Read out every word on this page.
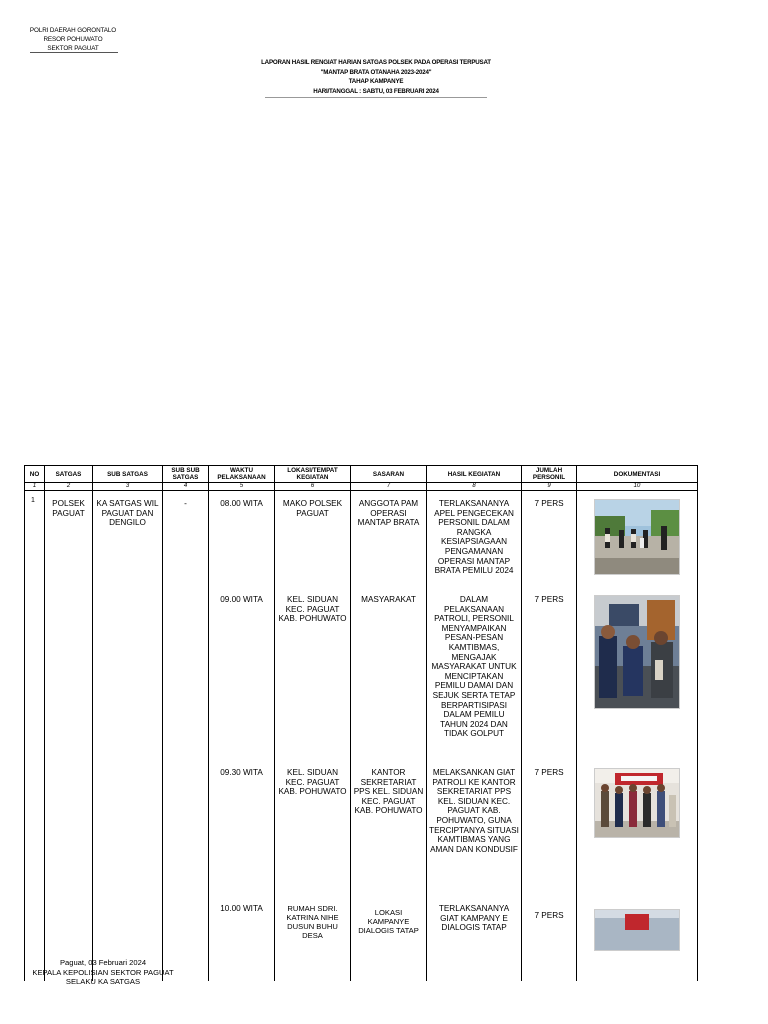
POLRI DAERAH GORONTALO
RESOR POHUWATO
SEKTOR PAGUAT
LAPORAN HASIL RENGIAT HARIAN SATGAS POLSEK PADA OPERASI TERPUSAT
"MANTAP BRATA OTANAHA 2023-2024"
TAHAP KAMPANYE
HARI/TANGGAL : SABTU, 03 FEBRUARI 2024
NO	SATGAS	SUB SATGAS	SUB SUB SATGAS	WAKTU PELAKSANAAN	LOKASI/TEMPAT KEGIATAN	SASARAN	HASIL KEGIATAN	JUMLAH PERSONIL	DOKUMENTASI
1	2	3	4	5	6	7	8	9	10

1	POLSEK PAGUAT	KA SATGAS WIL PAGUAT DAN DENGILO	-	08.00 WITA	MAKO POLSEK PAGUAT	ANGGOTA PAM OPERASI MANTAP BRATA	TERLAKSANANYA APEL PENGECEKAN PERSONIL DALAM RANGKA KESIAPSIAGAAN PENGAMANAN OPERASI MANTAP BRATA PEMILU 2024	7 PERS

				09.00 WITA	KEL. SIDUAN KEC. PAGUAT KAB. POHUWATO	MASYARAKAT	DALAM PELAKSANAAN PATROLI, PERSONIL MENYAMPAIKAN PESAN-PESAN KAMTIBMAS, MENGAJAK MASYARAKAT UNTUK MENCIPTAKAN PEMILU DAMAI DAN SEJUK SERTA TETAP BERPARTISIPASI DALAM PEMILU TAHUN 2024 DAN TIDAK GOLPUT	7 PERS

				09.30 WITA	KEL. SIDUAN KEC. PAGUAT KAB. POHUWATO	KANTOR SEKRETARIAT PPS KEL. SIDUAN KEC. PAGUAT KAB. POHUWATO	MELAKSANKAN GIAT PATROLI KE KANTOR SEKRETARIAT PPS KEL. SIDUAN KEC. PAGUAT KAB. POHUWATO, GUNA TERCIPTANYA SITUASI KAMTIBMAS YANG AMAN DAN KONDUSIF	7 PERS

				10.00 WITA	RUMAH SDRI. KATRINA NIHE DUSUN BUHU DESA	LOKASI KAMPANYE DIALOGIS TATAP	TERLAKSANANYA GIAT KAMPANY E DIALOGIS TATAP	7 PERS

Paguat, 03 Februari 2024
KEPALA KEPOLISIAN SEKTOR PAGUAT
SELAKU KA SATGAS
